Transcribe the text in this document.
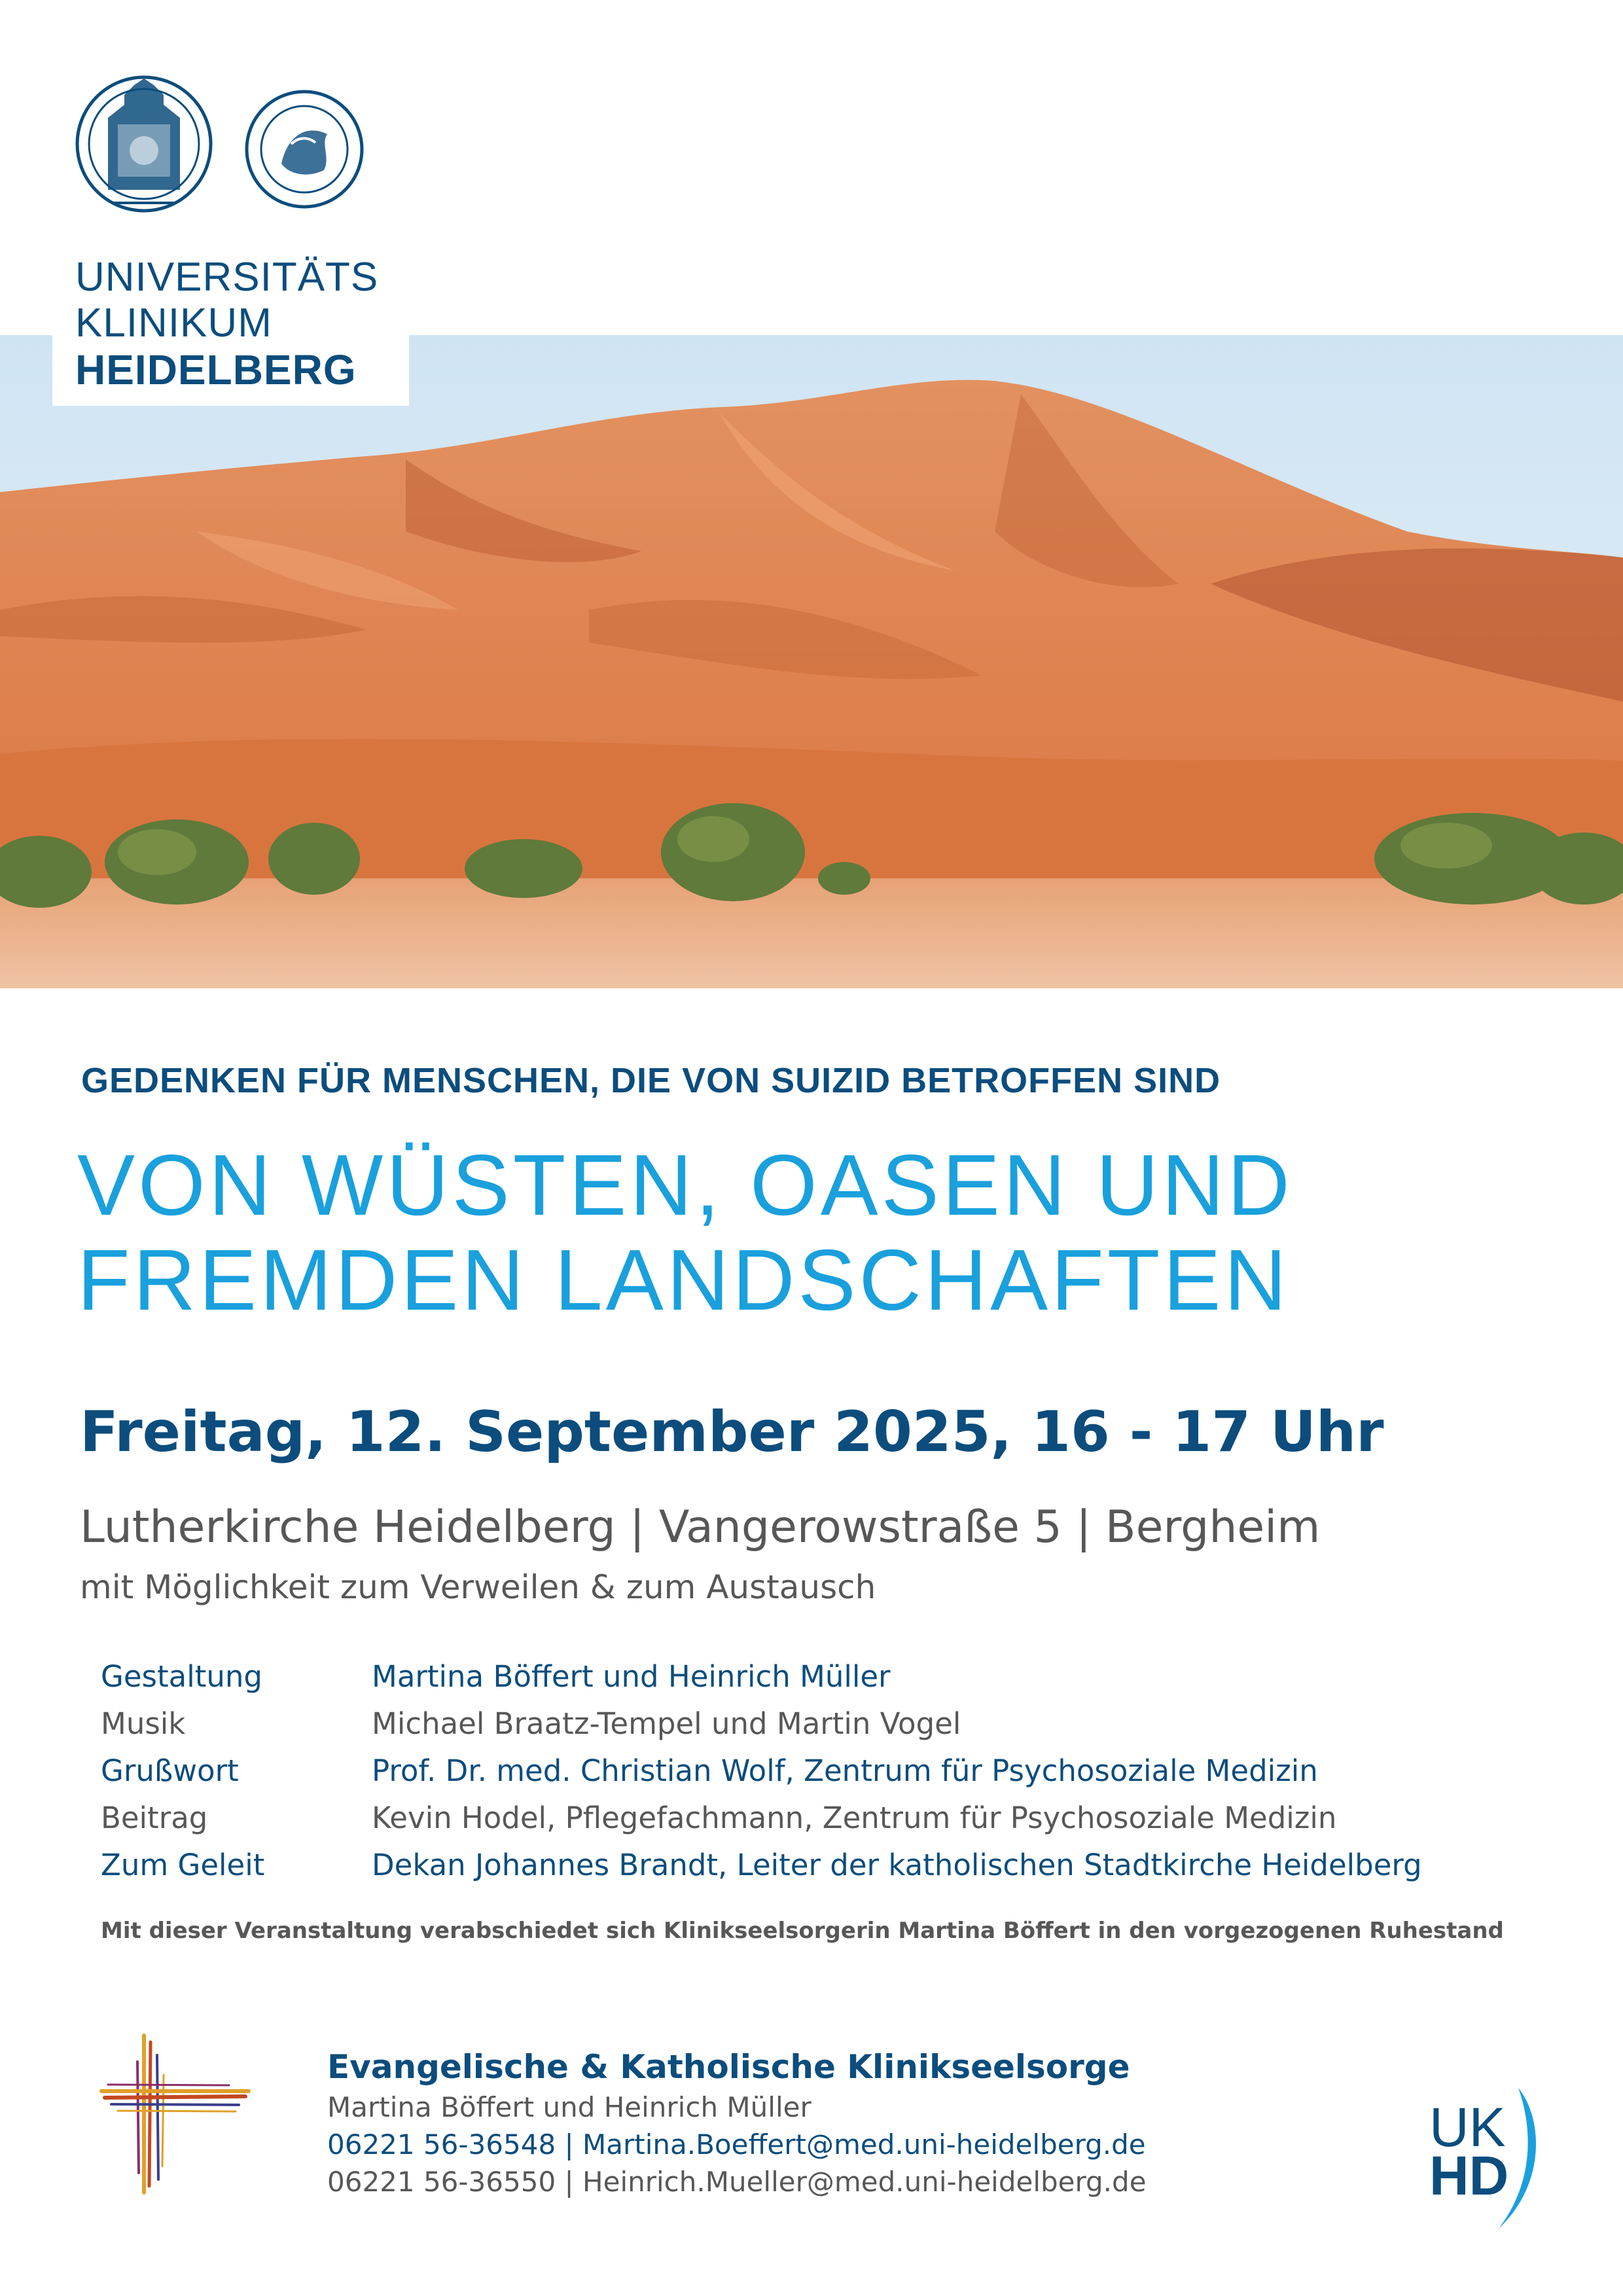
UNIVERSITÄTS
KLINIKUM
HEIDELBERG
GEDENKEN FÜR MENSCHEN, DIE VON SUIZID BETROFFEN SIND
VON WÜSTEN, OASEN UND
FREMDEN LANDSCHAFTEN
Freitag, 12. September 2025, 16 - 17 Uhr
Lutherkirche Heidelberg | Vangerowstraße 5 | Bergheim
mit Möglichkeit zum Verweilen & zum Austausch
Gestaltung	Martina Böffert und Heinrich Müller
Musik	Michael Braatz-Tempel und Martin Vogel
Grußwort	Prof. Dr. med. Christian Wolf, Zentrum für Psychosoziale Medizin
Beitrag	Kevin Hodel, Pflegefachmann, Zentrum für Psychosoziale Medizin
Zum Geleit	Dekan Johannes Brandt, Leiter der katholischen Stadtkirche Heidelberg
Mit dieser Veranstaltung verabschiedet sich Klinikseelsorgerin Martina Böffert in den vorgezogenen Ruhestand
Evangelische & Katholische Klinikseelsorge
Martina Böffert und Heinrich Müller
06221 56-36548 | Martina.Boeffert@med.uni-heidelberg.de
06221 56-36550 | Heinrich.Mueller@med.uni-heidelberg.de
UK
HD
